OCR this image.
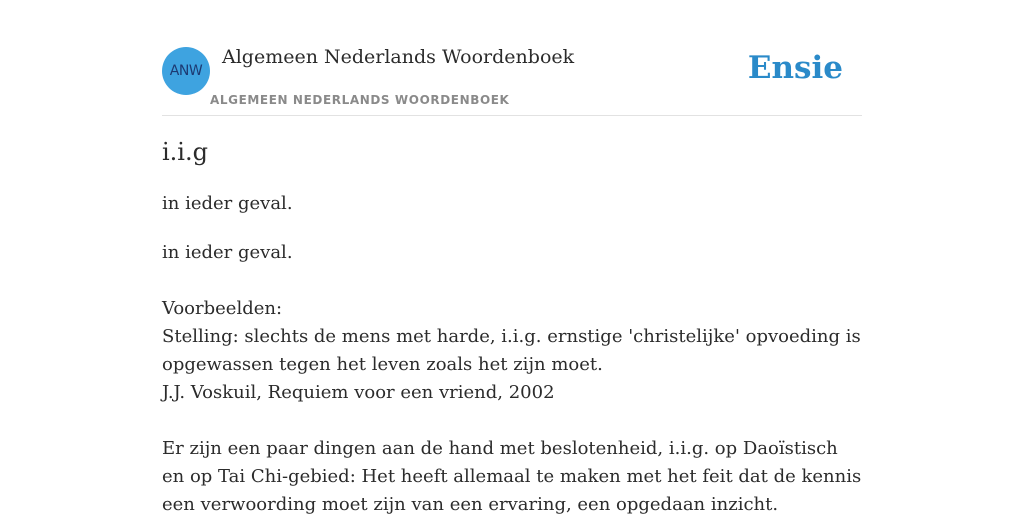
ANW
Algemeen Nederlands Woordenboek
ALGEMEEN NEDERLANDS WOORDENBOEK
Ensie
i.i.g
in ieder geval.

in ieder geval.

Voorbeelden:

Stelling: slechts de mens met harde, i.i.g. ernstige 'christelijke' opvoeding is opgewassen tegen het leven zoals het zijn moet.

J.J. Voskuil, Requiem voor een vriend, 2002

Er zijn een paar dingen aan de hand met beslotenheid, i.i.g. op Daoïstisch en op Tai Chi-gebied: Het heeft allemaal te maken met het feit dat de kennis een verwoording moet zijn van een ervaring, een opgedaan inzicht.
